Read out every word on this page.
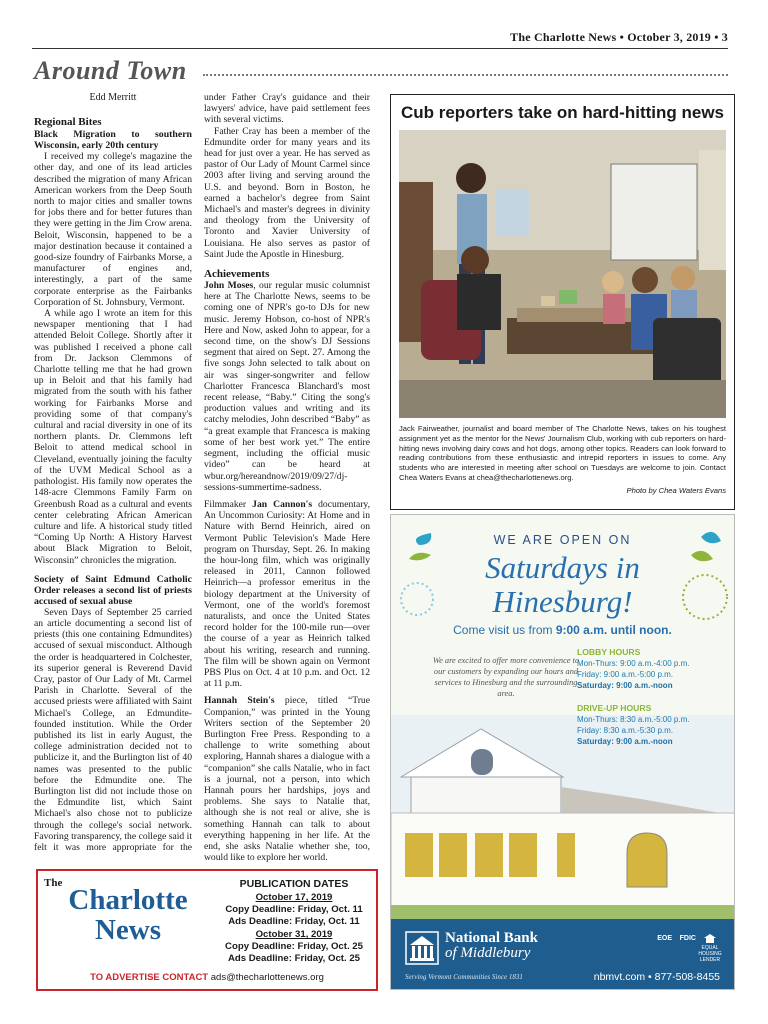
The Charlotte News • October 3, 2019 • 3
Around Town
Edd Merritt
Regional Bites
Black Migration to southern Wisconsin, early 20th century

I received my college's magazine the other day, and one of its lead articles described the migration of many African American workers from the Deep South north to major cities and smaller towns for jobs there and for better futures than they were getting in the Jim Crow arena. Beloit, Wisconsin, happened to be a major destination because it contained a good-size foundry of Fairbanks Morse, a manufacturer of engines and, interestingly, a part of the same corporate enterprise as the Fairbanks Corporation of St. Johnsbury, Vermont.

A while ago I wrote an item for this newspaper mentioning that I had attended Beloit College. Shortly after it was published I received a phone call from Dr. Jackson Clemmons of Charlotte telling me that he had grown up in Beloit and that his family had migrated from the south with his father working for Fairbanks Morse and providing some of that company's cultural and racial diversity in one of its northern plants. Dr. Clemmons left Beloit to attend medical school in Cleveland, eventually joining the faculty of the UVM Medical School as a pathologist. His family now operates the 148-acre Clemmons Family Farm on Greenbush Road as a cultural and events center celebrating African American culture and life. A historical study titled “Coming Up North: A History Harvest about Black Migration to Beloit, Wisconsin” chronicles the migration.

Society of Saint Edmund Catholic Order releases a second list of priests accused of sexual abuse

Seven Days of September 25 carried an article documenting a second list of priests (this one containing Edmundites) accused of sexual misconduct. Although the order is headquartered in Colchester, its superior general is Reverend David Cray, pastor of Our Lady of Mt. Carmel Parish in Charlotte. Several of the accused priests were affiliated with Saint Michael's College, an Edmundite-founded institution. While the Order published its list in early August, the college administration decided not to publicize it, and the Burlington list of 40 names was presented to the public before the Edmundite one. The Burlington list did not include those on the Edmundite list, which Saint Michael's also chose not to publicize through the college's social network. Favoring transparency, the college said it felt it was more appropriate for the

under Father Cray's guidance and their lawyers' advice, have paid settlement fees with several victims.

Father Cray has been a member of the Edmundite order for many years and its head for just over a year. He has served as pastor of Our Lady of Mount Carmel since 2003 after living and serving around the U.S. and beyond. Born in Boston, he earned a bachelor's degree from Saint Michael's and master's degrees in divinity and theology from the University of Toronto and Xavier University of Louisiana. He also serves as pastor of Saint Jude the Apostle in Hinesburg.

Achievements

John Moses, our regular music columnist here at The Charlotte News, seems to be coming one of NPR's go-to DJs for new music. Jeremy Hobson, co-host of NPR's Here and Now, asked John to appear, for a second time, on the show's DJ Sessions segment that aired on Sept. 27. Among the five songs John selected to talk about on air was singer-songwriter and fellow Charlotter Francesca Blanchard's most recent release, “Baby.” Citing the song's production values and writing and its catchy melodies, John described “Baby” as “a great example that Francesca is making some of her best work yet.” The entire segment, including the official music video” can be heard at wbur.org/hereandnow/2019/09/27/dj-sessions-summertime-sadness.

Filmmaker Jan Cannon's documentary, An Uncommon Curiosity: At Home and in Nature with Bernd Heinrich, aired on Vermont Public Television's Made Here program on Thursday, Sept. 26. In making the hour-long film, which was originally released in 2011, Cannon followed Heinrich—a professor emeritus in the biology department at the University of Vermont, one of the world's foremost naturalists, and once the United States record holder for the 100-mile run—over the course of a year as Heinrich talked about his writing, research and running. The film will be shown again on Vermont PBS Plus on Oct. 4 at 10 p.m. and Oct. 12 at 11 p.m.

Hannah Stein's piece, titled “True Companion,” was printed in the Young Writers section of the September 20 Burlington Free Press. Responding to a challenge to write something about exploring, Hannah shares a dialogue with a “companion” she calls Natalie, who in fact is a journal, not a person, into which Hannah pours her hardships, joys and problems. She says to Natalie that, although she is not real or alive, she is something Hannah can talk to about everything happening in her life. At the end, she asks Natalie whether she, too, would like to explore her world.

Cub reporters take on hard-hitting news
Jack Fairweather, journalist and board member of The Charlotte News, takes on his toughest assignment yet as the mentor for the News' Journalism Club, working with cub reporters on hard-hitting news involving dairy cows and hot dogs, among other topics. Readers can look forward to reading contributions from these enthusiastic and intrepid reporters in issues to come. Any students who are interested in meeting after school on Tuesdays are welcome to join. Contact Chea Waters Evans at chea@thecharlottenews.org.
Photo by Chea Waters Evans
WE ARE OPEN ON
Saturdays in
Hinesburg!
Come visit us from 9:00 a.m. until noon.
We are excited to offer more convenience to our customers by expanding our hours and services to Hinesburg and the surrounding area.
LOBBY HOURS
Mon-Thurs: 9:00 a.m.-4:00 p.m.
Friday: 9:00 a.m.-5:00 p.m.
Saturday: 9:00 a.m.-noon
DRIVE-UP HOURS
Mon-Thurs: 8:30 a.m.-5:00 p.m.
Friday: 8:30 a.m.-5:30 p.m.
Saturday: 9:00 a.m.-noon
National Bank
of Middlebury
Serving Vermont Communities Since 1831
EOE FDIC
EQUAL HOUSING LENDER
nbmvt.com • 877-508-8455
The
Charlotte
News
PUBLICATION DATES
October 17, 2019
Copy Deadline: Friday, Oct. 11
Ads Deadline: Friday, Oct. 11
October 31, 2019
Copy Deadline: Friday, Oct. 25
Ads Deadline: Friday, Oct. 25
TO ADVERTISE CONTACT ads@thecharlottenews.org
